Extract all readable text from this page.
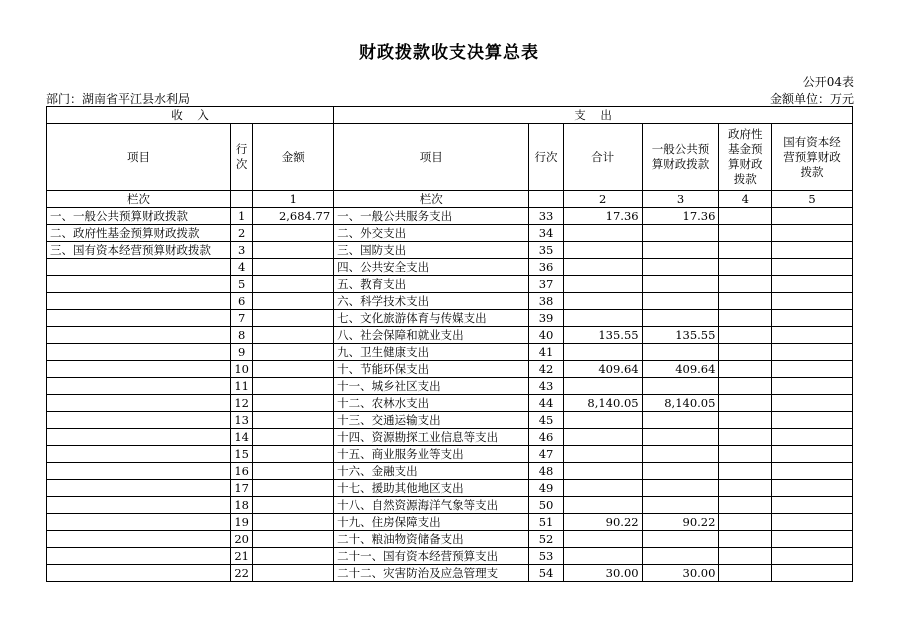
财政拨款收支决算总表
公开04表
部门：湖南省平江县水利局	金额单位：万元
收    入			支    出					
项目	行次	金额	项目	行次	合计	一般公共预算财政拨款	政府性基金预算财政拨款	国有资本经营预算财政拨款
栏次		1	栏次		2	3	4	5
一、一般公共预算财政拨款	1	2,684.77	一、一般公共服务支出	33	17.36	17.36		
二、政府性基金预算财政拨款	2		二、外交支出	34				
三、国有资本经营预算财政拨款	3		三、国防支出	35				
	4		四、公共安全支出	36				
	5		五、教育支出	37				
	6		六、科学技术支出	38				
	7		七、文化旅游体育与传媒支出	39				
	8		八、社会保障和就业支出	40	135.55	135.55		
	9		九、卫生健康支出	41				
	10		十、节能环保支出	42	409.64	409.64		
	11		十一、城乡社区支出	43				
	12		十二、农林水支出	44	8,140.05	8,140.05		
	13		十三、交通运输支出	45				
	14		十四、资源勘探工业信息等支出	46				
	15		十五、商业服务业等支出	47				
	16		十六、金融支出	48				
	17		十七、援助其他地区支出	49				
	18		十八、自然资源海洋气象等支出	50				
	19		十九、住房保障支出	51	90.22	90.22		
	20		二十、粮油物资储备支出	52				
	21		二十一、国有资本经营预算支出	53				
	22		二十二、灾害防治及应急管理支	54	30.00	30.00		
